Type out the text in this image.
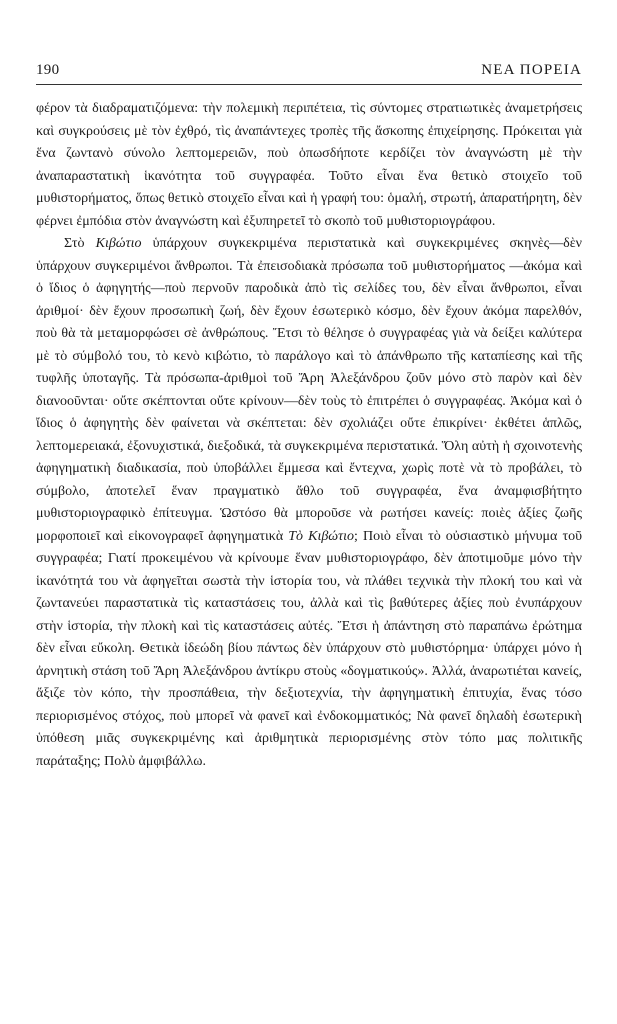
190	ΝΕΑ ΠΟΡΕΙΑ

φέρον τὰ διαδραματιζόμενα: τὴν πολεμικὴ περιπέτεια, τὶς σύντομες στρατιωτικὲς ἀναμετρήσεις καὶ συγκρούσεις μὲ τὸν ἐχθρό, τὶς ἀναπάντεχες τροπὲς τῆς ἄσκοπης ἐπιχείρησης. Πρόκειται γιὰ ἕνα ζωντανὸ σύνολο λεπτομερειῶν, ποὺ ὁπωσδήποτε κερδίζει τὸν ἀναγνώστη μὲ τὴν ἀναπαραστατικὴ ἱκανότητα τοῦ συγγραφέα. Τοῦτο εἶναι ἕνα θετικὸ στοιχεῖο τοῦ μυθιστορήματος, ὅπως θετικὸ στοιχεῖο εἶναι καὶ ἡ γραφή του: ὁμαλή, στρωτή, ἀπαρατήρητη, δὲν φέρνει ἐμπόδια στὸν ἀναγνώστη καὶ ἐξυπηρετεῖ τὸ σκοπὸ τοῦ μυθιστοριογράφου.

Στὸ Κιβώτιο ὑπάρχουν συγκεκριμένα περιστατικὰ καὶ συγκεκριμένες σκηνὲς—δὲν ὑπάρχουν συγκεριμένοι ἄνθρωποι. Τὰ ἐπεισοδιακὰ πρόσωπα τοῦ μυθιστορήματος —ἀκόμα καὶ ὁ ἴδιος ὁ ἀφηγητής—ποὺ περνοῦν παροδικὰ ἀπὸ τὶς σελίδες του, δὲν εἶναι ἄνθρωποι, εἶναι ἀριθμοί· δὲν ἔχουν προσωπικὴ ζωή, δὲν ἔχουν ἐσωτερικὸ κόσμο, δὲν ἔχουν ἀκόμα παρελθόν, ποὺ θὰ τὰ μεταμορφώσει σὲ ἀνθρώπους. Ἔτσι τὸ θέλησε ὁ συγγραφέας γιὰ νὰ δείξει καλύτερα μὲ τὸ σύμβολό του, τὸ κενὸ κιβώτιο, τὸ παράλογο καὶ τὸ ἀπάνθρωπο τῆς καταπίεσης καὶ τῆς τυφλῆς ὑποταγῆς. Τὰ πρόσωπα-ἀριθμοὶ τοῦ Ἄρη Ἀλεξάνδρου ζοῦν μόνο στὸ παρὸν καὶ δὲν διανοοῦνται· οὔτε σκέπτονται οὔτε κρίνουν—δὲν τοὺς τὸ ἐπιτρέπει ὁ συγγραφέας. Ἀκόμα καὶ ὁ ἴδιος ὁ ἀφηγητὴς δὲν φαίνεται νὰ σκέπτεται: δὲν σχολιάζει οὔτε ἐπικρίνει· ἐκθέτει ἁπλῶς, λεπτομερειακά, ἐξονυχιστικά, διεξοδικά, τὰ συγκεκριμένα περιστατικά. Ὅλη αὐτὴ ἡ σχοινοτενὴς ἀφηγηματικὴ διαδικασία, ποὺ ὑποβάλλει ἔμμεσα καὶ ἔντεχνα, χωρὶς ποτὲ νὰ τὸ προβάλει, τὸ σύμβολο, ἀποτελεῖ ἕναν πραγματικὸ ἄθλο τοῦ συγγραφέα, ἕνα ἀναμφισβήτητο μυθιστοριογραφικὸ ἐπίτευγμα. Ὡστόσο θὰ μποροῦσε νὰ ρωτήσει κανείς: ποιὲς ἀξίες ζωῆς μορφοποιεῖ καὶ εἰκονογραφεῖ ἀφηγηματικὰ Τὸ Κιβώτιο; Ποιὸ εἶναι τὸ οὐσιαστικὸ μήνυμα τοῦ συγγραφέα; Γιατί προκειμένου νὰ κρίνουμε ἕναν μυθιστοριογράφο, δὲν ἀποτιμοῦμε μόνο τὴν ἱκανότητά του νὰ ἀφηγεῖται σωστὰ τὴν ἱστορία του, νὰ πλάθει τεχνικὰ τὴν πλοκή του καὶ νὰ ζωντανεύει παραστατικὰ τὶς καταστάσεις του, ἀλλὰ καὶ τὶς βαθύτερες ἀξίες ποὺ ἐνυπάρχουν στὴν ἱστορία, τὴν πλοκὴ καὶ τὶς καταστάσεις αὐτές. Ἔτσι ἡ ἀπάντηση στὸ παραπάνω ἐρώτημα δὲν εἶναι εὔκολη. Θετικὰ ἰδεώδη βίου πάντως δὲν ὑπάρχουν στὸ μυθιστόρημα· ὑπάρχει μόνο ἡ ἀρνητικὴ στάση τοῦ Ἄρη Ἀλεξάνδρου ἀντίκρυ στοὺς «δογματικούς». Ἀλλά, ἀναρωτιέται κανείς, ἄξιζε τὸν κόπο, τὴν προσπάθεια, τὴν δεξιοτεχνία, τὴν ἀφηγηματικὴ ἐπιτυχία, ἕνας τόσο περιορισμένος στόχος, ποὺ μπορεῖ νὰ φανεῖ καὶ ἐνδοκομματικός; Νὰ φανεῖ δηλαδὴ ἐσωτερικὴ ὑπόθεση μιᾶς συγκεκριμένης καὶ ἀριθμητικὰ περιορισμένης στὸν τόπο μας πολιτικῆς παράταξης; Πολὺ ἀμφιβάλλω.
